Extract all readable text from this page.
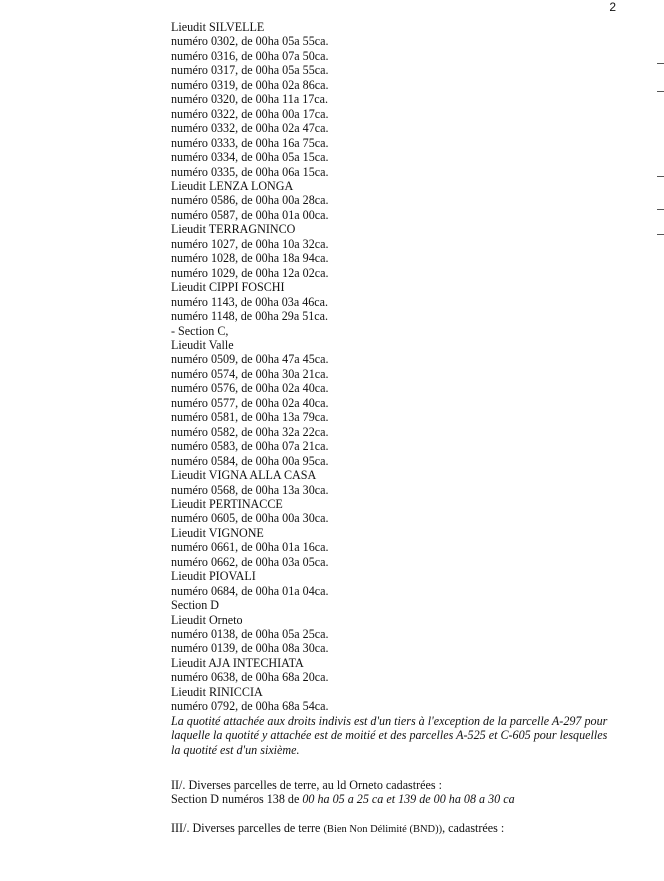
2
Lieudit SILVELLE
numéro 0302, de 00ha 05a 55ca.
numéro 0316, de 00ha 07a 50ca.
numéro 0317, de 00ha 05a 55ca.
numéro 0319, de 00ha 02a 86ca.
numéro 0320, de 00ha 11a 17ca.
numéro 0322, de 00ha 00a 17ca.
numéro 0332, de 00ha 02a 47ca.
numéro 0333, de 00ha 16a 75ca.
numéro 0334, de 00ha 05a 15ca.
numéro 0335, de 00ha 06a 15ca.
Lieudit LENZA LONGA
numéro 0586, de 00ha 00a 28ca.
numéro 0587, de 00ha 01a 00ca.
Lieudit TERRAGNINCO
numéro 1027, de 00ha 10a 32ca.
numéro 1028, de 00ha 18a 94ca.
numéro 1029, de 00ha 12a 02ca.
Lieudit CIPPI FOSCHI
numéro 1143, de 00ha 03a 46ca.
numéro 1148, de 00ha 29a 51ca.
- Section C,
Lieudit Valle
numéro 0509, de 00ha 47a 45ca.
numéro 0574, de 00ha 30a 21ca.
numéro 0576, de 00ha 02a 40ca.
numéro 0577, de 00ha 02a 40ca.
numéro 0581, de 00ha 13a 79ca.
numéro 0582, de 00ha 32a 22ca.
numéro 0583, de 00ha 07a 21ca.
numéro 0584, de 00ha 00a 95ca.
Lieudit VIGNA ALLA CASA
numéro 0568, de 00ha 13a 30ca.
Lieudit PERTINACCE
numéro 0605, de 00ha 00a 30ca.
Lieudit VIGNONE
numéro 0661, de 00ha 01a 16ca.
numéro 0662, de 00ha 03a 05ca.
Lieudit PIOVALI
numéro 0684, de 00ha 01a 04ca.
Section D
Lieudit Orneto
numéro 0138, de 00ha 05a 25ca.
numéro 0139, de 00ha 08a 30ca.
Lieudit AJA INTECHIATA
numéro 0638, de 00ha 68a 20ca.
Lieudit RINICCIA
numéro 0792, de 00ha 68a 54ca.
La quotité attachée aux droits indivis est d'un tiers à l'exception de la parcelle A-297 pour laquelle la quotité y attachée est de moitié et des parcelles A-525 et C-605 pour lesquelles la quotité est d'un sixième.
II/. Diverses parcelles de terre, au ld Orneto cadastrées :
Section D numéros 138 de 00 ha 05 a 25 ca et 139 de 00 ha 08 a 30 ca
III/. Diverses parcelles de terre (Bien Non Délimité (BND)), cadastrées :
